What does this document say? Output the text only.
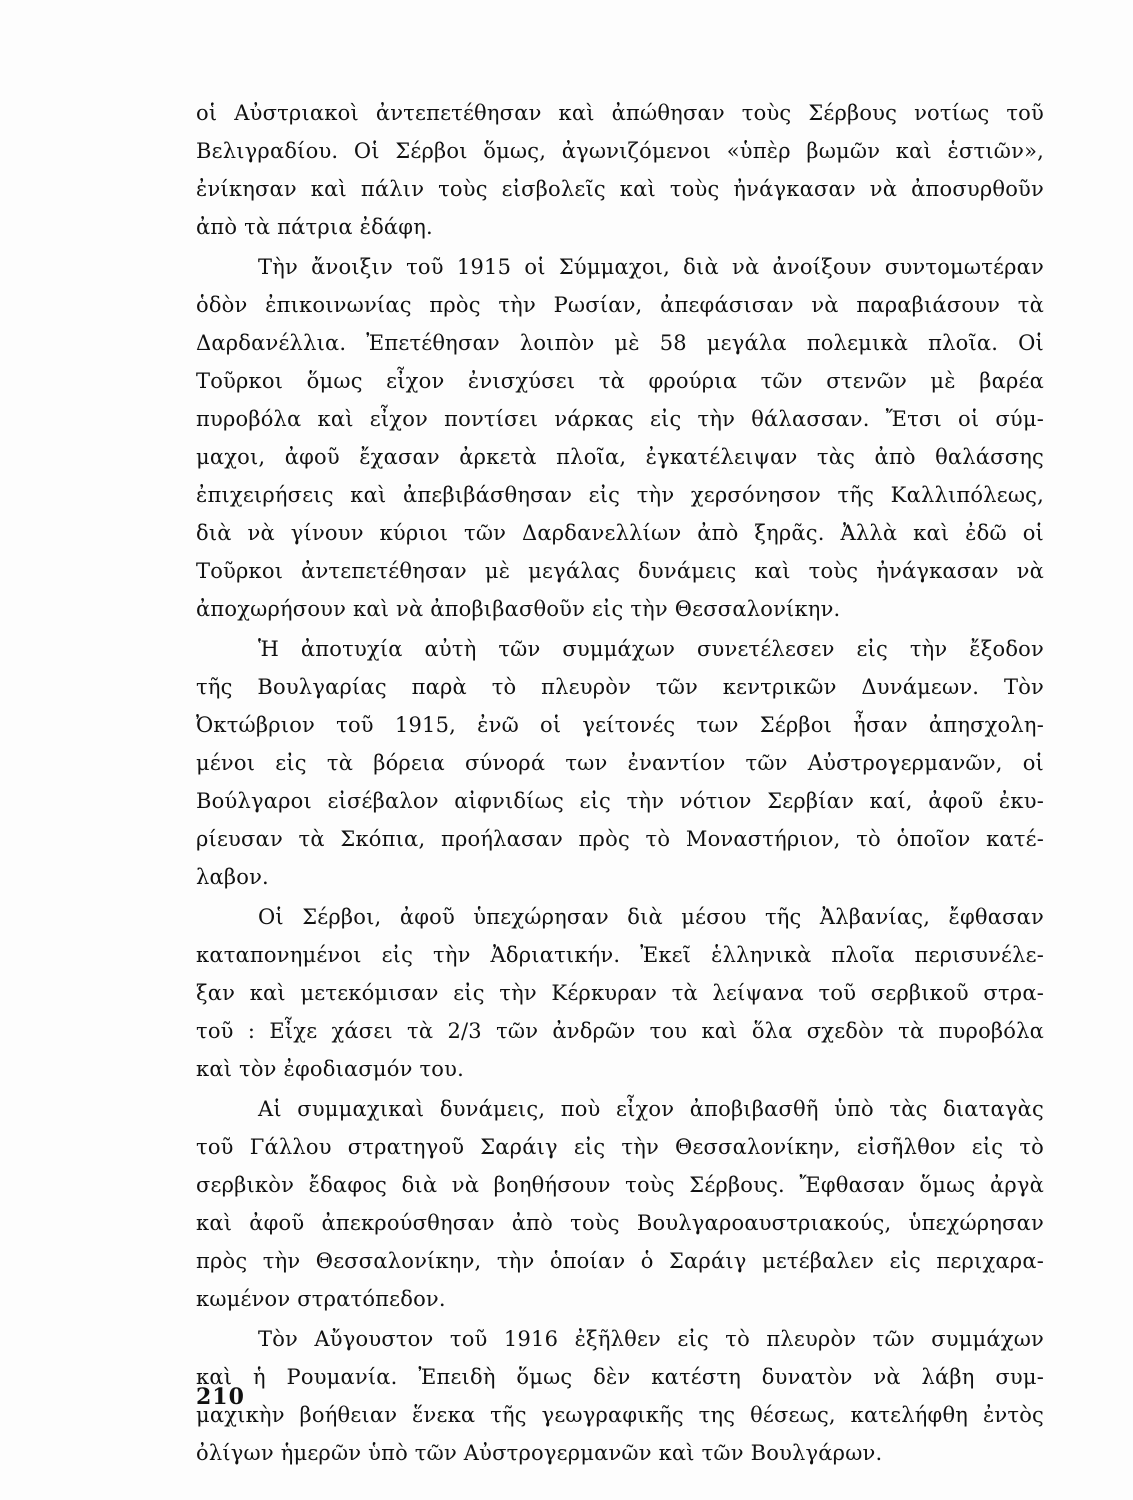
οἱ Αὐστριακοὶ ἀντεπετέθησαν καὶ ἀπώθησαν τοὺς Σέρβους νοτίως τοῦ
Βελιγραδίου. Οἱ Σέρβοι ὅμως, ἀγωνιζόμενοι «ὑπὲρ βωμῶν καὶ ἑστιῶν»,
ἐνίκησαν καὶ πάλιν τοὺς εἰσβολεῖς καὶ τοὺς ἠνάγκασαν νὰ ἀποσυρθοῦν
ἀπὸ τὰ πάτρια ἐδάφη.
Τὴν ἄνοιξιν τοῦ 1915 οἱ Σύμμαχοι, διὰ νὰ ἀνοίξουν συντομωτέραν
ὁδὸν ἐπικοινωνίας πρὸς τὴν Ρωσίαν, ἀπεφάσισαν νὰ παραβιάσουν τὰ
Δαρδανέλλια. Ἐπετέθησαν λοιπὸν μὲ 58 μεγάλα πολεμικὰ πλοῖα. Οἱ
Τοῦρκοι ὅμως εἶχον ἐνισχύσει τὰ φρούρια τῶν στενῶν μὲ βαρέα
πυροβόλα καὶ εἶχον ποντίσει νάρκας εἰς τὴν θάλασσαν. Ἔτσι οἱ σύμ-
μαχοι, ἀφοῦ ἔχασαν ἀρκετὰ πλοῖα, ἐγκατέλειψαν τὰς ἀπὸ θαλάσσης
ἐπιχειρήσεις καὶ ἀπεβιβάσθησαν εἰς τὴν χερσόνησον τῆς Καλλιπόλεως,
διὰ νὰ γίνουν κύριοι τῶν Δαρδανελλίων ἀπὸ ξηρᾶς. Ἀλλὰ καὶ ἐδῶ οἱ
Τοῦρκοι ἀντεπετέθησαν μὲ μεγάλας δυνάμεις καὶ τοὺς ἠνάγκασαν νὰ
ἀποχωρήσουν καὶ νὰ ἀποβιβασθοῦν εἰς τὴν Θεσσαλονίκην.
Ἡ ἀποτυχία αὐτὴ τῶν συμμάχων συνετέλεσεν εἰς τὴν ἔξοδον
τῆς Βουλγαρίας παρὰ τὸ πλευρὸν τῶν κεντρικῶν Δυνάμεων. Τὸν
Ὀκτώβριον τοῦ 1915, ἐνῶ οἱ γείτονές των Σέρβοι ἦσαν ἀπησχολη-
μένοι εἰς τὰ βόρεια σύνορά των ἐναντίον τῶν Αὐστρογερμανῶν, οἱ
Βούλγαροι εἰσέβαλον αἰφνιδίως εἰς τὴν νότιον Σερβίαν καί, ἀφοῦ ἐκυ-
ρίευσαν τὰ Σκόπια, προήλασαν πρὸς τὸ Μοναστήριον, τὸ ὁποῖον κατέ-
λαβον.
Οἱ Σέρβοι, ἀφοῦ ὑπεχώρησαν διὰ μέσου τῆς Ἀλβανίας, ἔφθασαν
καταπονημένοι εἰς τὴν Ἀδριατικήν. Ἐκεῖ ἑλληνικὰ πλοῖα περισυνέλε-
ξαν καὶ μετεκόμισαν εἰς τὴν Κέρκυραν τὰ λείψανα τοῦ σερβικοῦ στρα-
τοῦ : Εἶχε χάσει τὰ 2/3 τῶν ἀνδρῶν του καὶ ὅλα σχεδὸν τὰ πυροβόλα
καὶ τὸν ἐφοδιασμόν του.
Αἱ συμμαχικαὶ δυνάμεις, ποὺ εἶχον ἀποβιβασθῆ ὑπὸ τὰς διαταγὰς
τοῦ Γάλλου στρατηγοῦ Σαράιγ εἰς τὴν Θεσσαλονίκην, εἰσῆλθον εἰς τὸ
σερβικὸν ἔδαφος διὰ νὰ βοηθήσουν τοὺς Σέρβους. Ἔφθασαν ὅμως ἀργὰ
καὶ ἀφοῦ ἀπεκρούσθησαν ἀπὸ τοὺς Βουλγαροαυστριακούς, ὑπεχώρησαν
πρὸς τὴν Θεσσαλονίκην, τὴν ὁποίαν ὁ Σαράιγ μετέβαλεν εἰς περιχαρα-
κωμένον στρατόπεδον.
Τὸν Αὔγουστον τοῦ 1916 ἐξῆλθεν εἰς τὸ πλευρὸν τῶν συμμάχων
καὶ ἡ Ρουμανία. Ἐπειδὴ ὅμως δὲν κατέστη δυνατὸν νὰ λάβη συμ-
μαχικὴν βοήθειαν ἕνεκα τῆς γεωγραφικῆς της θέσεως, κατελήφθη ἐντὸς
ὀλίγων ἡμερῶν ὑπὸ τῶν Αὐστρογερμανῶν καὶ τῶν Βουλγάρων.
210
